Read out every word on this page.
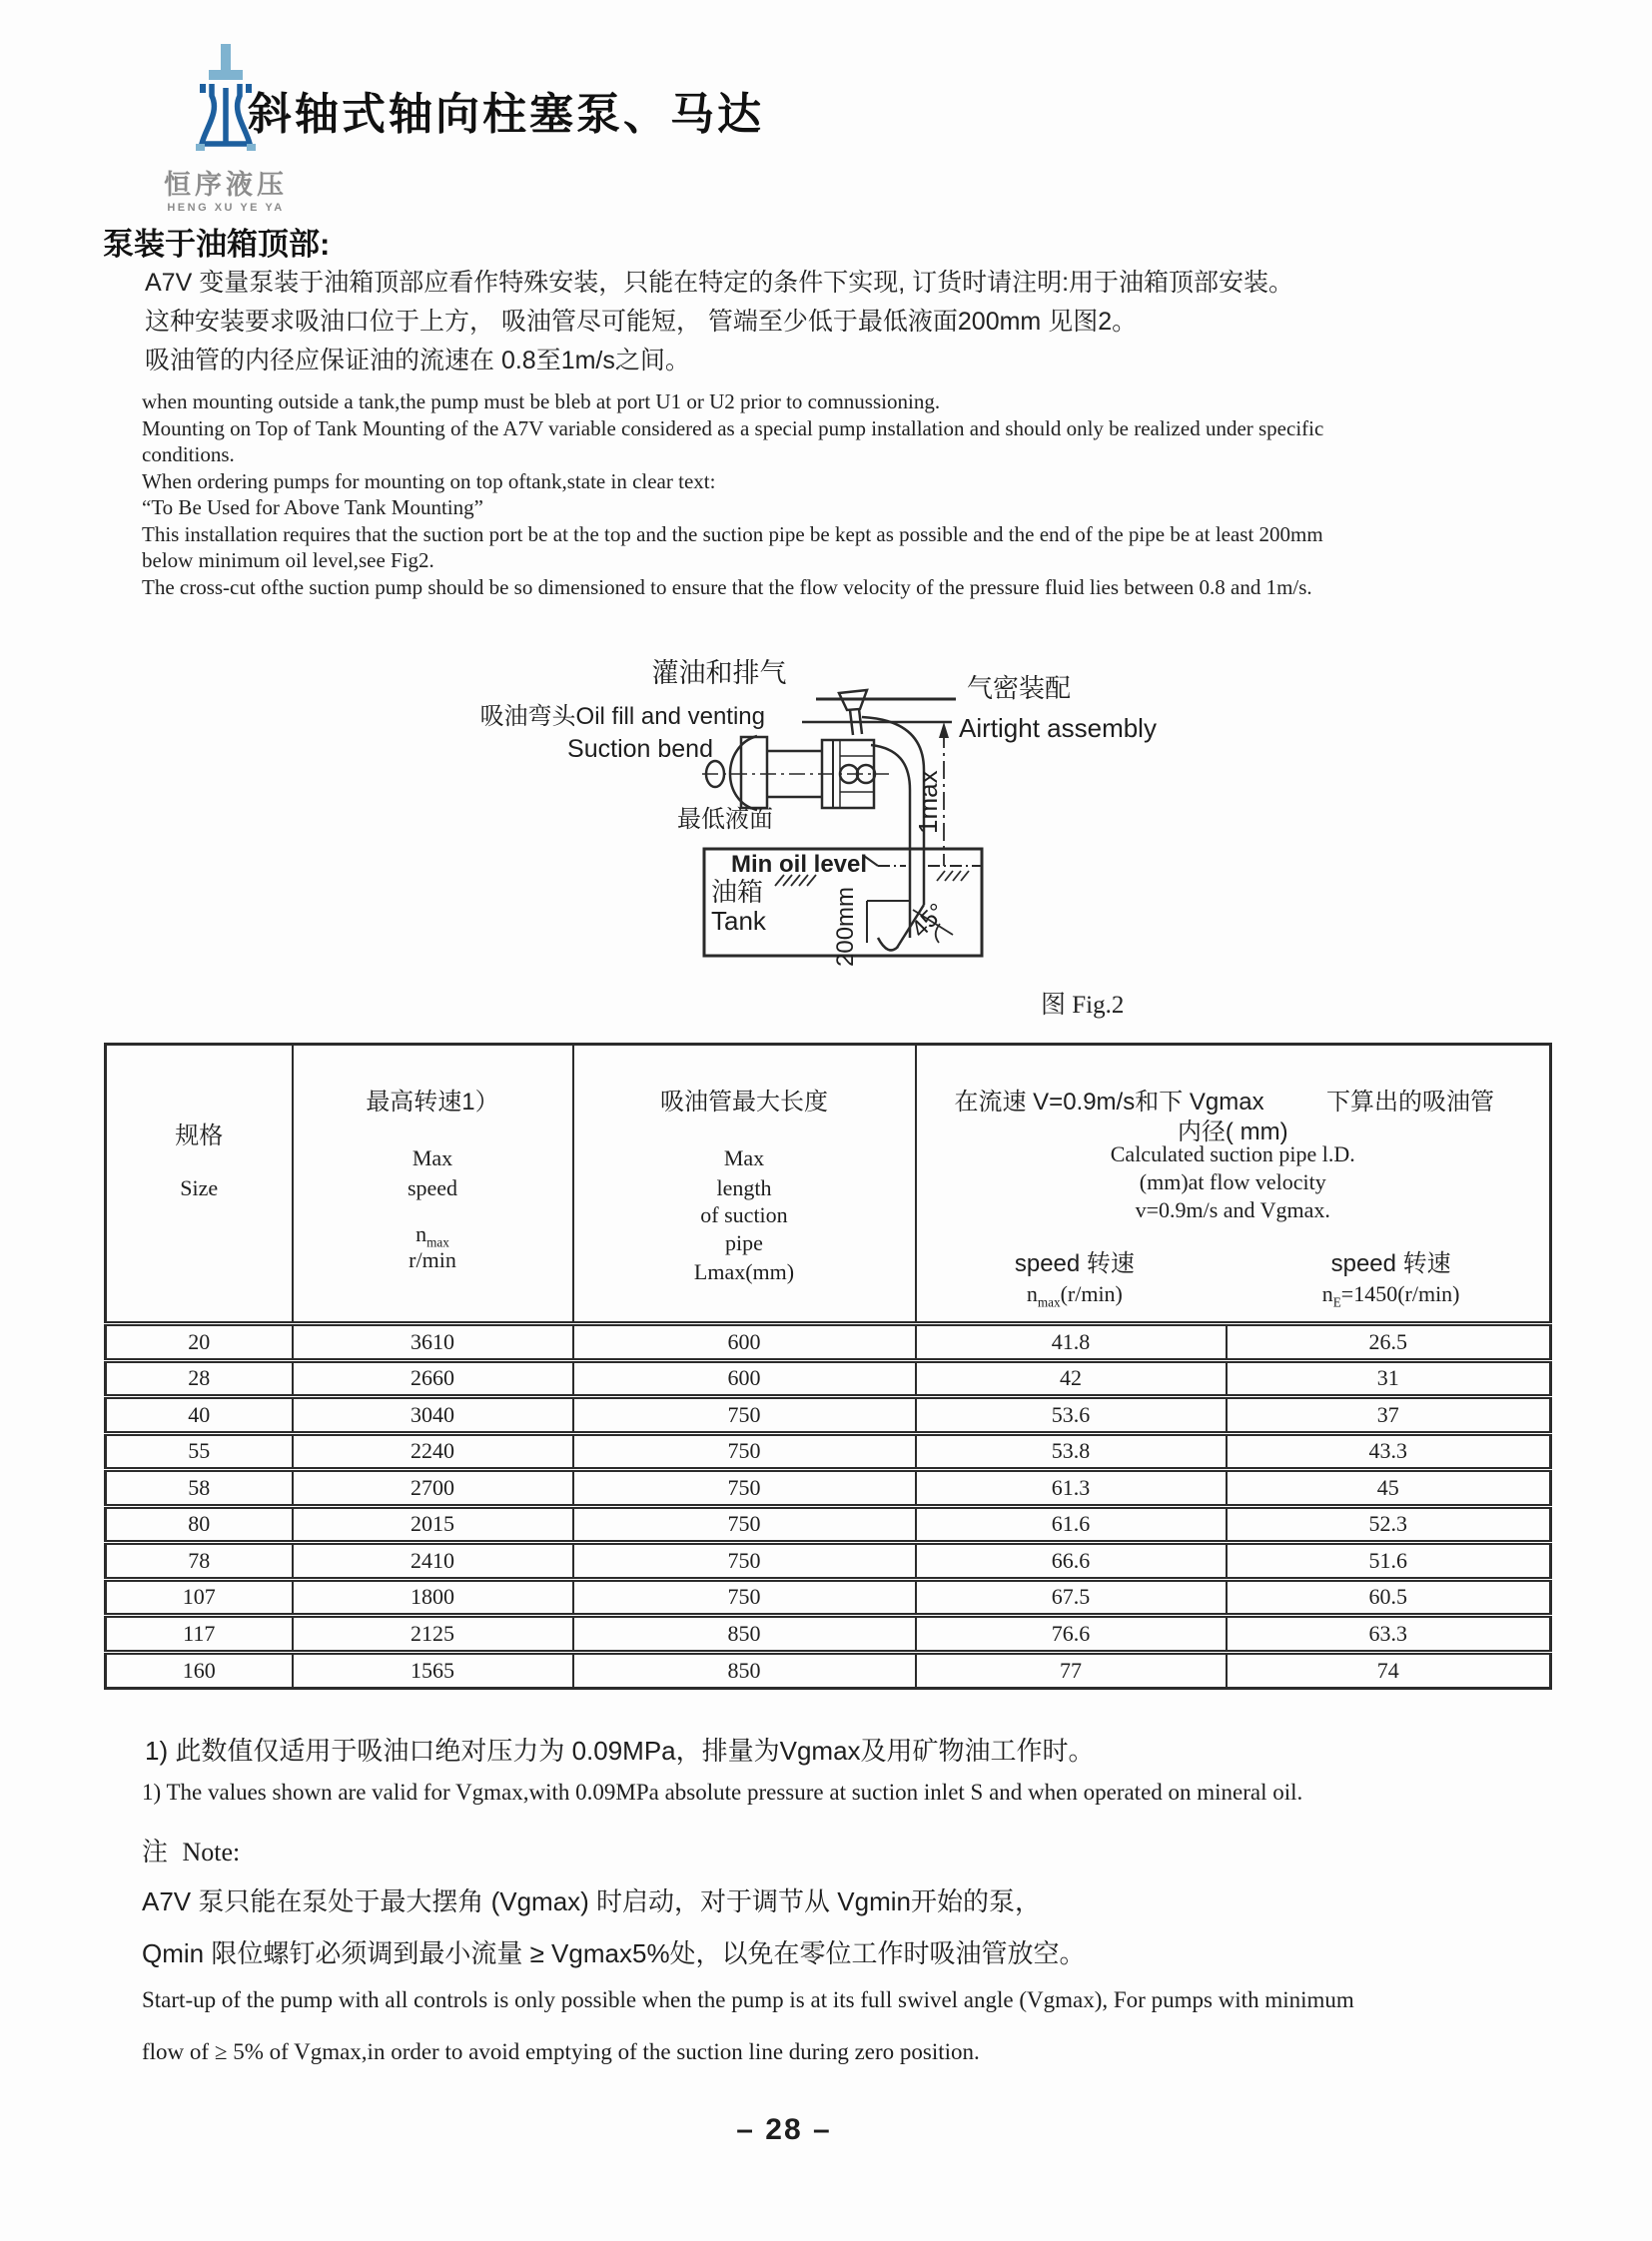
恒序液压
HENG XU YE YA
斜轴式轴向柱塞泵、马达
泵装于油箱顶部:
A7V 变量泵装于油箱顶部应看作特殊安装，只能在特定的条件下实现, 订货时请注明:用于油箱顶部安装。
这种安装要求吸油口位于上方， 吸油管尽可能短， 管端至少低于最低液面200mm 见图2。
吸油管的内径应保证油的流速在 0.8至1m/s之间。
when mounting outside a tank,the pump must be bleb at port U1 or U2 prior to comnussioning.
Mounting on Top of Tank Mounting of the A7V variable considered as a special pump installation and should only be realized under specific
conditions.
When ordering pumps for mounting on top oftank,state in clear text:
“To Be Used for Above Tank Mounting”
This installation requires that the suction port be at the top and the suction pipe be kept as possible and the end of the pipe be at least 200mm
below minimum oil level,see Fig2.
The cross-cut ofthe suction pump should be so dimensioned to ensure that the flow velocity of the pressure fluid lies between 0.8 and 1m/s.
灌油和排气
吸油弯头Oil fill and venting
Suction bend
最低液面
气密装配
Airtight assembly
Min oil level
油箱
Tank
1max
200mm 45°
图 Fig.2
规格
Size

最高转速1）
Max
speed
$n_{max}$
r/min

吸油管最大长度
Max
length
of suction
pipe
Lmax(mm)

在流速 V=0.9m/s和下 Vgmax	下算出的吸油管
内径( mm)
Calculated suction pipe l.D.
(mm)at flow velocity
v=0.9m/s and Vgmax.
speed 转速
$n_{max}(r/\min)$
speed 转速
$n_E=1450(r/\min)$

20	3610	600	41.8	26.5
28	2660	600	42	31
40	3040	750	53.6	37
55	2240	750	53.8	43.3
58	2700	750	61.3	45
80	2015	750	61.6	52.3
78	2410	750	66.6	51.6
107	1800	750	67.5	60.5
117	2125	850	76.6	63.3
160	1565	850	77	74
1) 此数值仅适用于吸油口绝对压力为 0.09MPa，排量为Vgmax及用矿物油工作时。
1) The values shown are valid for Vgmax,with 0.09MPa absolute pressure at suction inlet S and when operated on mineral oil.
注 Note:
A7V 泵只能在泵处于最大摆角 (Vgmax) 时启动，对于调节从 Vgmin开始的泵，
Qmin 限位螺钉必须调到最小流量 ≥ Vgmax5%处，以免在零位工作时吸油管放空。
Start-up of the pump with all controls is only possible when the pump is at its full swivel angle (Vgmax), For pumps with minimum
flow of ≥ 5% of Vgmax,in order to avoid emptying of the suction line during zero position.
– 28 –
